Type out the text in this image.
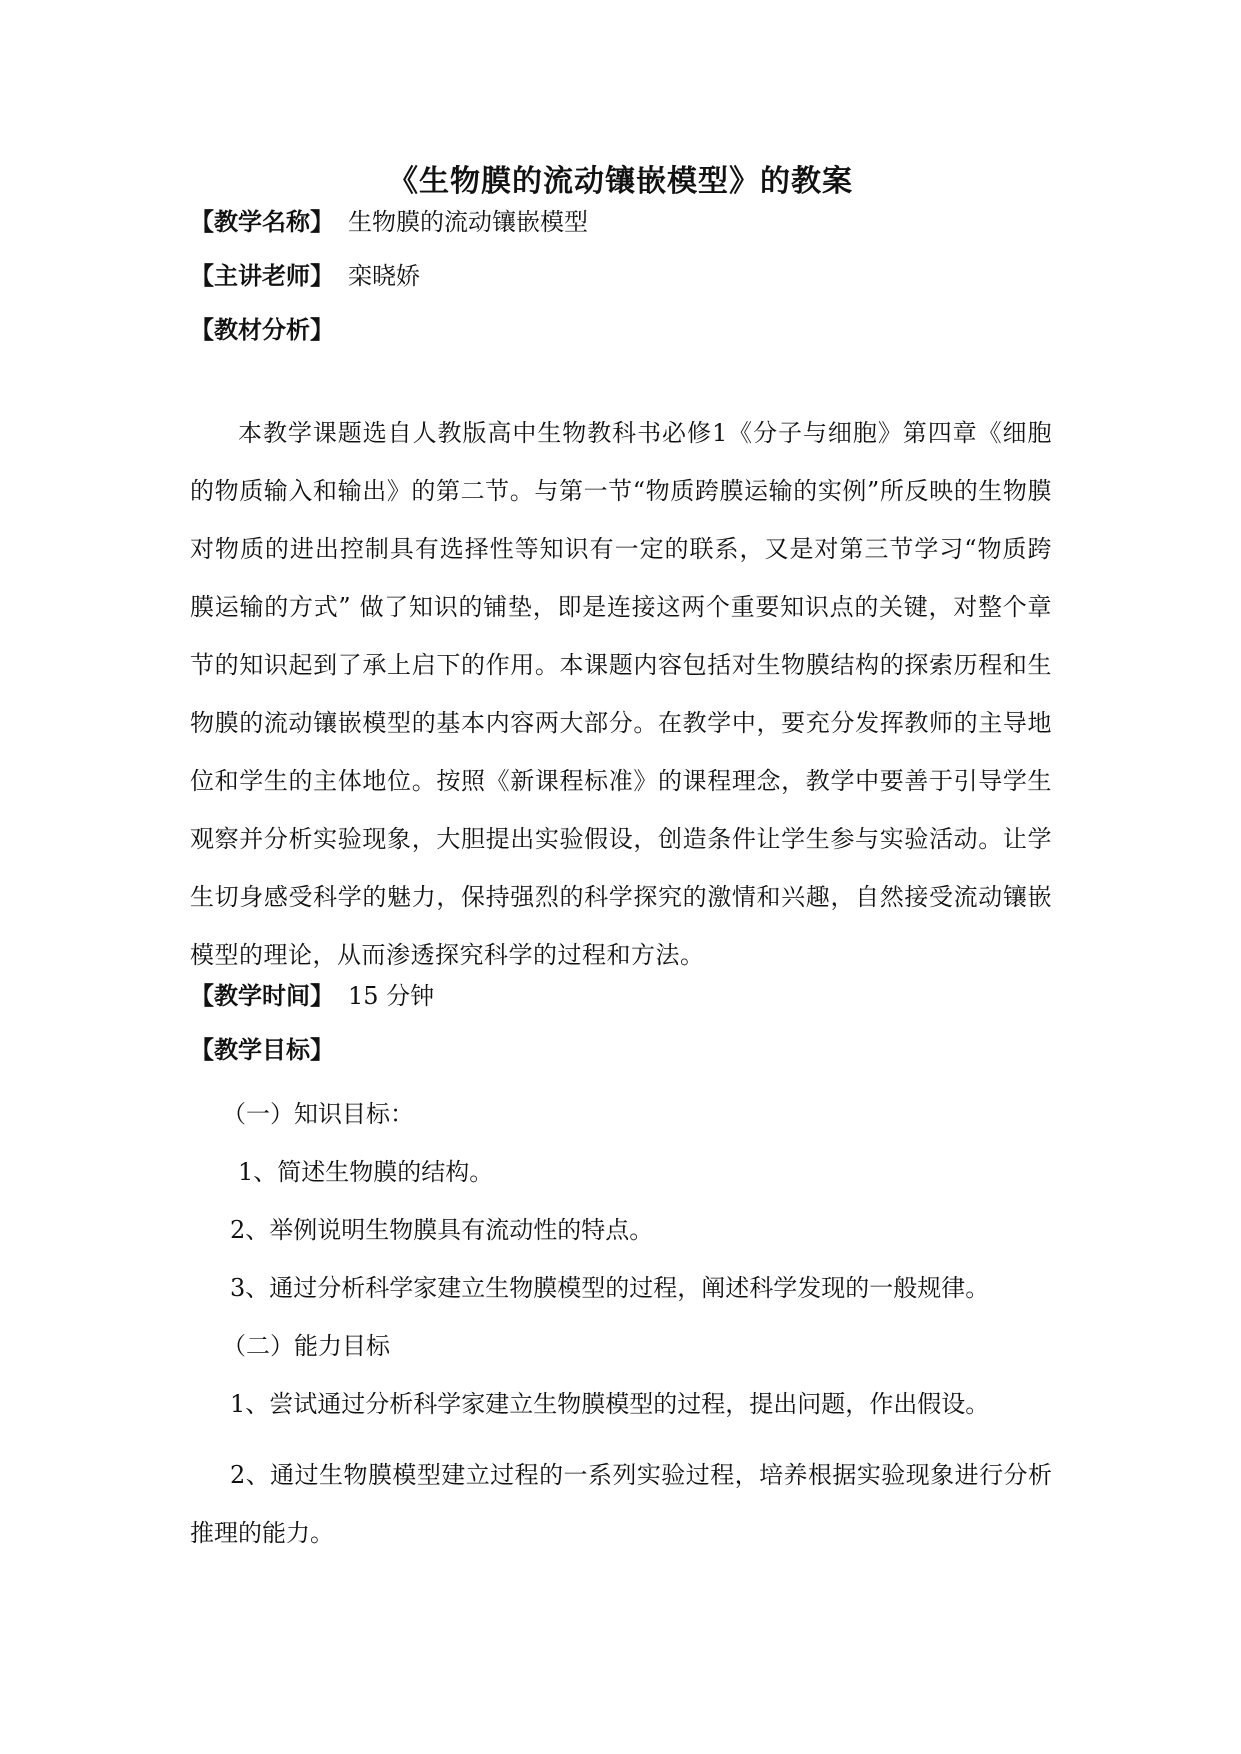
《生物膜的流动镶嵌模型》的教案
【教学名称】 生物膜的流动镶嵌模型
【主讲老师】 栾晓娇
【教材分析】
本教学课题选自人教版高中生物教科书必修1《分子与细胞》第四章《细胞的物质输入和输出》的第二节。与第一节“物质跨膜运输的实例”所反映的生物膜对物质的进出控制具有选择性等知识有一定的联系，又是对第三节学习“物质跨膜运输的方式” 做了知识的铺垫，即是连接这两个重要知识点的关键，对整个章节的知识起到了承上启下的作用。本课题内容包括对生物膜结构的探索历程和生物膜的流动镶嵌模型的基本内容两大部分。在教学中，要充分发挥教师的主导地位和学生的主体地位。按照《新课程标准》的课程理念，教学中要善于引导学生观察并分析实验现象，大胆提出实验假设，创造条件让学生参与实验活动。让学生切身感受科学的魅力，保持强烈的科学探究的激情和兴趣，自然接受流动镶嵌模型的理论，从而渗透探究科学的过程和方法。
【教学时间】 15 分钟
【教学目标】
（一）知识目标：
1、简述生物膜的结构。
2、举例说明生物膜具有流动性的特点。
3、通过分析科学家建立生物膜模型的过程，阐述科学发现的一般规律。
（二）能力目标
1、尝试通过分析科学家建立生物膜模型的过程，提出问题，作出假设。
2、通过生物膜模型建立过程的一系列实验过程，培养根据实验现象进行分析推理的能力。
